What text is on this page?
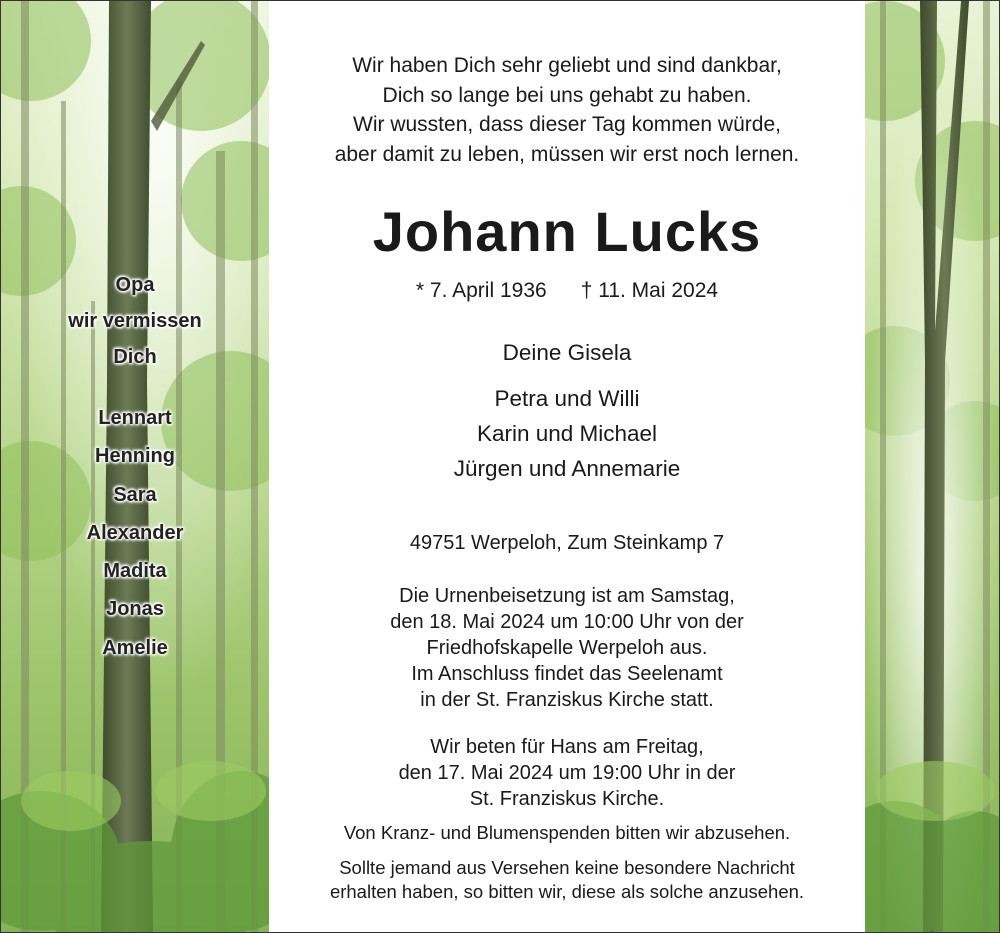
Opa
wir vermissen
Dich
Lennart
Henning
Sara
Alexander
Madita
Jonas
Amelie
Wir haben Dich sehr geliebt und sind dankbar,
Dich so lange bei uns gehabt zu haben.
Wir wussten, dass dieser Tag kommen würde,
aber damit zu leben, müssen wir erst noch lernen.
Johann Lucks
* 7. April 1936 † 11. Mai 2024
Deine Gisela
Petra und Willi
Karin und Michael
Jürgen und Annemarie
49751 Werpeloh, Zum Steinkamp 7
Die Urnenbeisetzung ist am Samstag,
den 18. Mai 2024 um 10:00 Uhr von der
Friedhofskapelle Werpeloh aus.
Im Anschluss findet das Seelenamt
in der St. Franziskus Kirche statt.
Wir beten für Hans am Freitag,
den 17. Mai 2024 um 19:00 Uhr in der
St. Franziskus Kirche.
Von Kranz- und Blumenspenden bitten wir abzusehen.
Sollte jemand aus Versehen keine besondere Nachricht
erhalten haben, so bitten wir, diese als solche anzusehen.
